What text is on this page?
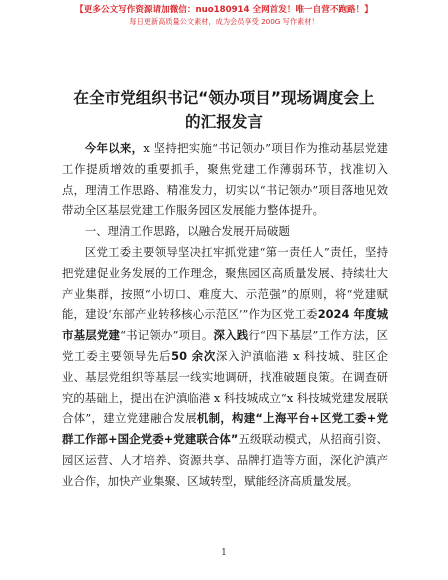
【更多公文写作资源请加微信：nuo180914 全网首发！唯一自营不跑路！】
每日更新高质量公文素材，成为会员享受 200G 写作素材！
在全市党组织书记“领办项目”现场调度会上
的汇报发言

今年以来，x 坚持把实施“书记领办”项目作为推动基层党建工作提质增效的重要抓手，聚焦党建工作薄弱环节，找准切入点，理清工作思路、精准发力，切实以“书记领办”项目落地见效带动全区基层党建工作服务园区发展能力整体提升。

一、理清工作思路，以融合发展开局破题

区党工委主要领导坚决扛牢抓党建“第一责任人”责任，坚持把党建促业务发展的工作理念，聚焦园区高质量发展、持续壮大产业集群，按照“小切口、难度大、示范强”的原则，将“党建赋能，建设‘东部产业转移核心示范区’”作为区党工委2024 年度城市基层党建“书记领办”项目。深入践行“四下基层”工作方法，区党工委主要领导先后50 余次深入沪滇临港 x 科技城、驻区企业、基层党组织等基层一线实地调研，找准破题良策。在调查研究的基础上，提出在沪滇临港 x 科技城成立“x 科技城党建发展联合体”，建立党建融合发展机制，构建“上海平台+区党工委+党群工作部+国企党委+党建联合体”五级联动模式，从招商引资、园区运营、人才培养、资源共享、品牌打造等方面，深化沪滇产业合作，加快产业集聚、区域转型，赋能经济高质量发展。

1
